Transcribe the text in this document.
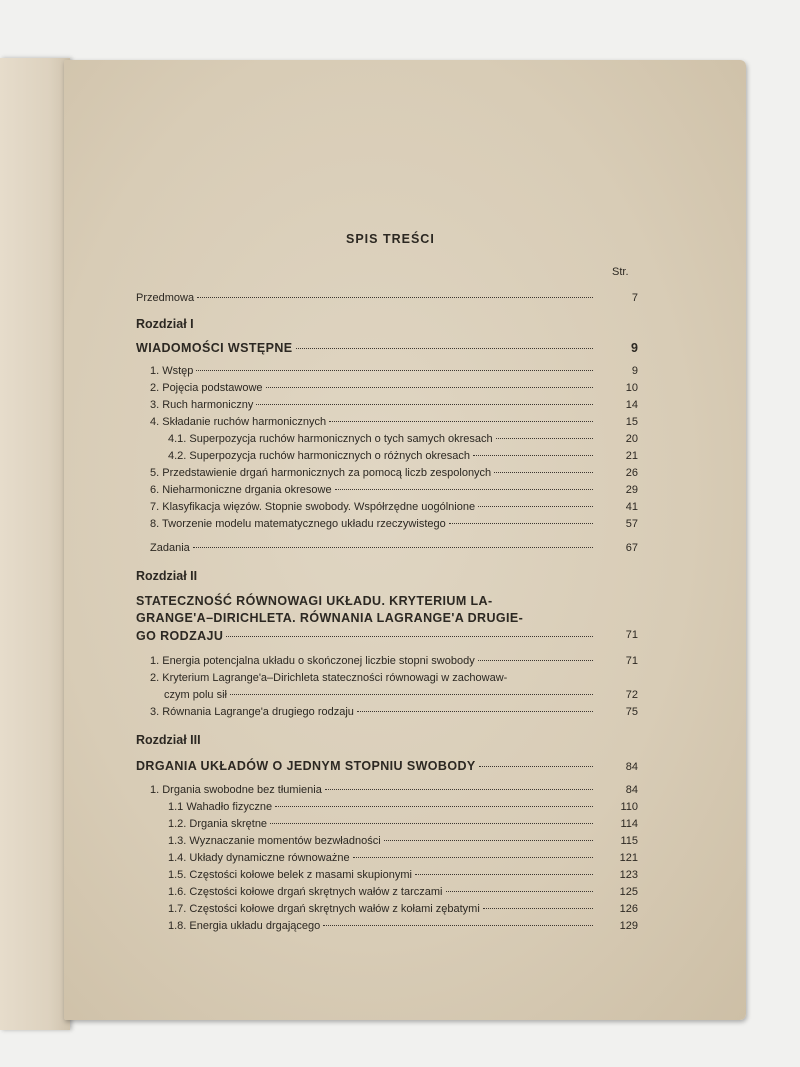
SPIS TREŚCI
Str.
Przedmowa	7
Rozdział I
WIADOMOŚCI WSTĘPNE	9
1. Wstęp	9
2. Pojęcia podstawowe	10
3. Ruch harmoniczny	14
4. Składanie ruchów harmonicznych	15
4.1. Superpozycja ruchów harmonicznych o tych samych okresach	20
4.2. Superpozycja ruchów harmonicznych o różnych okresach	21
5. Przedstawienie drgań harmonicznych za pomocą liczb zespolonych	26
6. Nieharmoniczne drgania okresowe	29
7. Klasyfikacja więzów. Stopnie swobody. Współrzędne uogólnione	41
8. Tworzenie modelu matematycznego układu rzeczywistego	57
Zadania	67
Rozdział II
STATECZNOŚĆ RÓWNOWAGI UKŁADU. KRYTERIUM LA-
GRANGE'A–DIRICHLETA. RÓWNANIA LAGRANGE'A DRUGIE-
GO RODZAJU	71
1. Energia potencjalna układu o skończonej liczbie stopni swobody	71
2. Kryterium Lagrange'a–Dirichleta stateczności równowagi w zachowaw-
czym polu sił	72
3. Równania Lagrange'a drugiego rodzaju	75
Rozdział III
DRGANIA UKŁADÓW O JEDNYM STOPNIU SWOBODY	84
1. Drgania swobodne bez tłumienia	84
1.1 Wahadło fizyczne	110
1.2. Drgania skrętne	114
1.3. Wyznaczanie momentów bezwładności	115
1.4. Układy dynamiczne równoważne	121
1.5. Częstości kołowe belek z masami skupionymi	123
1.6. Częstości kołowe drgań skrętnych wałów z tarczami	125
1.7. Częstości kołowe drgań skrętnych wałów z kołami zębatymi	126
1.8. Energia układu drgającego	129
